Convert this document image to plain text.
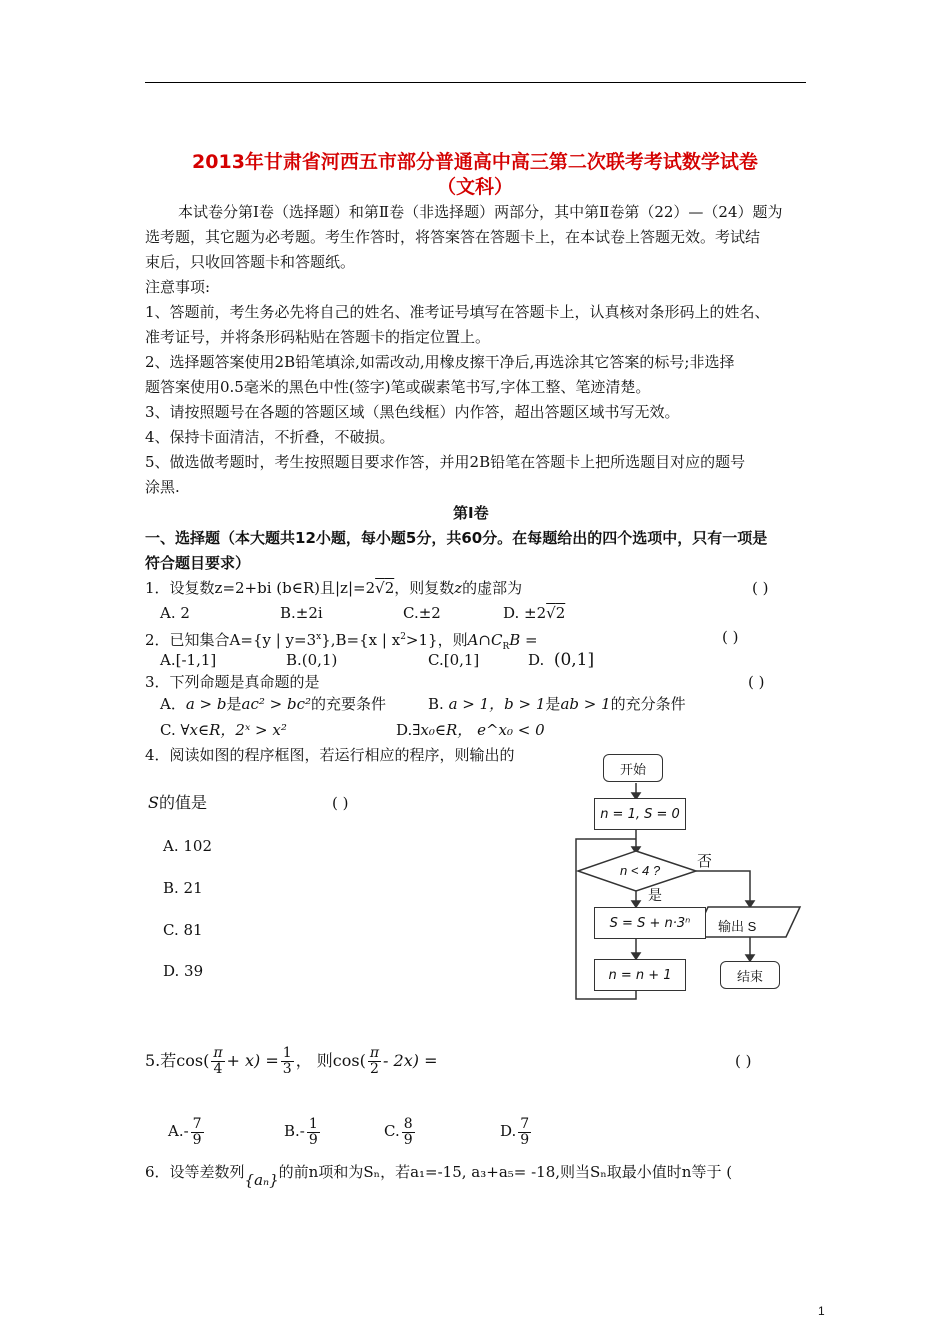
2013年甘肃省河西五市部分普通高中高三第二次联考考试数学试卷
（文科）
本试卷分第Ⅰ卷（选择题）和第Ⅱ卷（非选择题）两部分，其中第Ⅱ卷第（22）—（24）题为
选考题，其它题为必考题。考生作答时，将答案答在答题卡上，在本试卷上答题无效。考试结
束后，只收回答题卡和答题纸。
注意事项:
1、答题前，考生务必先将自己的姓名、准考证号填写在答题卡上，认真核对条形码上的姓名、
准考证号，并将条形码粘贴在答题卡的指定位置上。
2、选择题答案使用2B铅笔填涂,如需改动,用橡皮擦干净后,再选涂其它答案的标号;非选择
题答案使用0.5毫米的黑色中性(签字)笔或碳素笔书写,字体工整、笔迹清楚。
3、请按照题号在各题的答题区域（黑色线框）内作答，超出答题区域书写无效。
4、保持卡面清洁，不折叠，不破损。
5、做选做考题时，考生按照题目要求作答，并用2B铅笔在答题卡上把所选题目对应的题号
涂黑.
第Ⅰ卷
一、选择题（本大题共12小题，每小题5分，共60分。在每题给出的四个选项中，只有一项是
符合题目要求）
1．设复数z=2+bi (b∈R)且|z|=2√2，则复数z的虚部为	( )
A. 2	B.±2i	C.±2	D. ±2√2
2．已知集合A={y | $y=3^x\},B=\{x$ | $x^2>1$}，则$A\cap C_RB$ =	( )
A.[-1,1]	B.(0,1)	C.[0,1]	D. (0,1]
3．下列命题是真命题的是	( )
A．a > b是ac² > bc²的充要条件	B. a > 1，b > 1是ab > 1的充分条件
C. ∀x∈R，2ˣ > x²	D.∃x₀∈R， e^x₀ < 0
4．阅读如图的程序框图，若运行相应的程序，则输出的
S的值是	( )
A. 102
B. 21
C. 81
D. 39
开始
n = 1, S = 0
n < 4 ?
是
否
S = S + n·3ⁿ
n = n + 1
输出 S
结束
5.若$\cos( \frac{\pi}{4} + x) = \frac{1}{3}$ ， 则$\cos( \frac{\pi}{2} - 2x)$ =	( )
$A.- \frac{7}{9}$	$B.- \frac{1}{9}$	C. $\frac{8}{9}$	D. $\frac{7}{9}$
6．设等差数列{aₙ}的前n项和为Sₙ，若a₁=-15, a₃+a₅= -18,则当Sₙ取最小值时n等于 (
1
